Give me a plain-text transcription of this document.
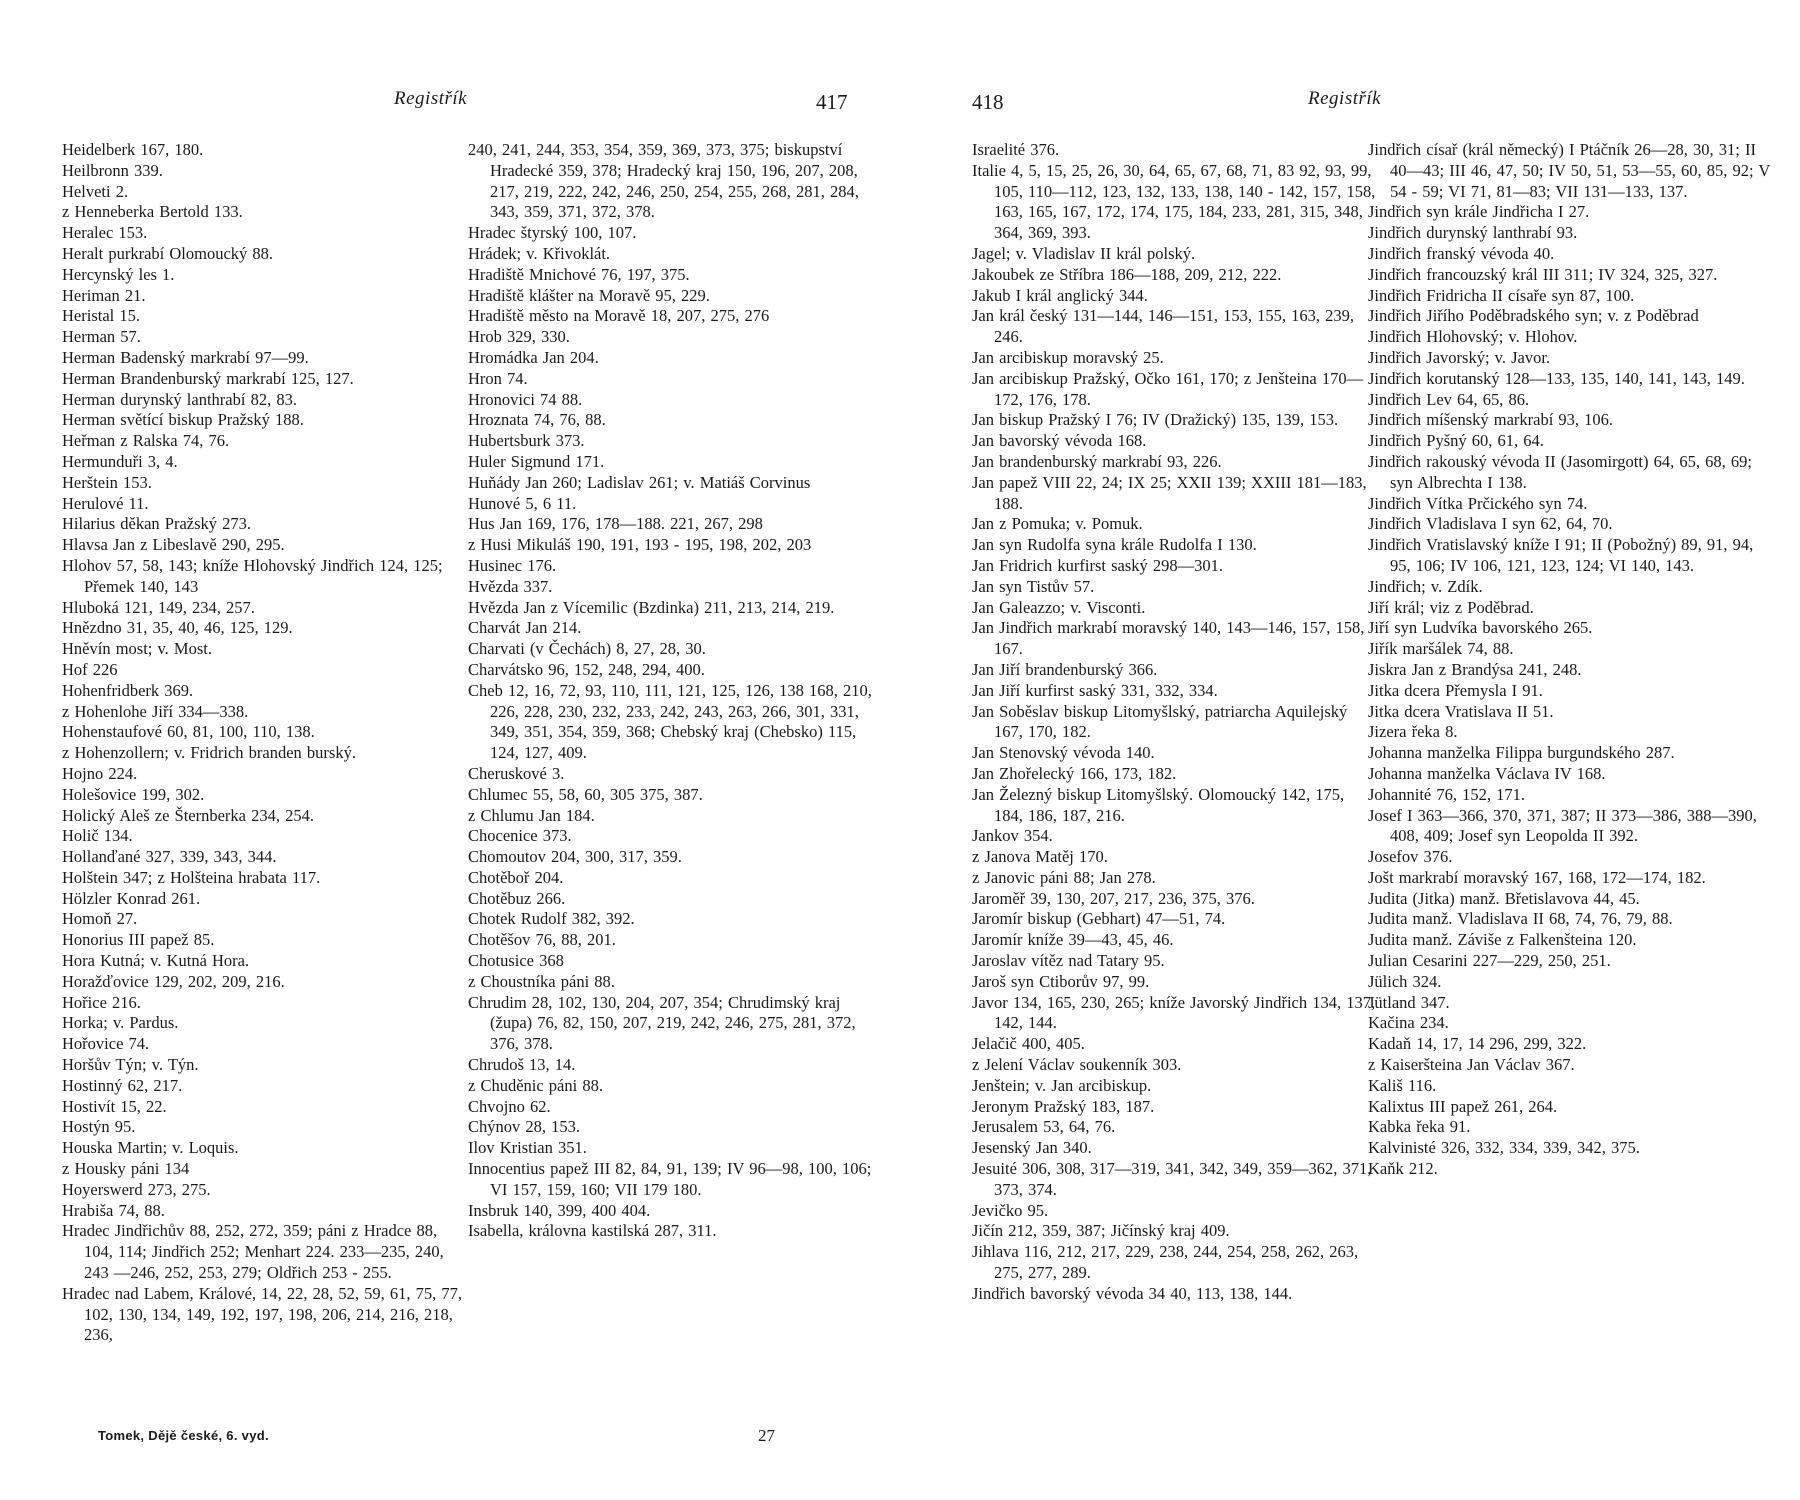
Registřík	417
Heidelberk 167, 180.
Heilbronn 339.
Helveti 2.
z Henneberka Bertold 133.
Heralec 153.
Heralt purkrabí Olomoucký 88.
Hercynský les 1.
Heriman 21.
Heristal 15.
Herman 57.
Herman Badenský markrabí 97—99.
Herman Brandenburský markrabí 125, 127.
Herman durynský lanthrabí 82, 83.
Herman světící biskup Pražský 188.
Heřman z Ralska 74, 76.
Hermunduři 3, 4.
Herštein 153.
Herulové 11.
Hilarius děkan Pražský 273.
Hlavsa Jan z Libeslavě 290, 295.
Hlohov 57, 58, 143; kníže Hlohovský Jindřich 124, 125; Přemek 140, 143
Hluboká 121, 149, 234, 257.
Hnězdno 31, 35, 40, 46, 125, 129.
Hněvín most; v. Most.
Hof 226
Hohenfridberk 369.
z Hohenlohe Jiří 334—338.
Hohenstaufové 60, 81, 100, 110, 138.
z Hohenzollern; v. Fridrich branden burský.
Hojno 224.
Holešovice 199, 302.
Holický Aleš ze Šternberka 234, 254.
Holič 134.
Hollanďané 327, 339, 343, 344.
Holštein 347; z Holšteina hrabata 117.
Hölzler Konrad 261.
Homoň 27.
Honorius III papež 85.
Hora Kutná; v. Kutná Hora.
Horažďovice 129, 202, 209, 216.
Hořice 216.
Horka; v. Pardus.
Hořovice 74.
Horšův Týn; v. Týn.
Hostinný 62, 217.
Hostivít 15, 22.
Hostýn 95.
Houska Martin; v. Loquis.
z Housky páni 134
Hoyerswerd 273, 275.
Hrabiša 74, 88.
Hradec Jindřichův 88, 252, 272, 359; páni z Hradce 88, 104, 114; Jindřich 252; Menhart 224. 233—235, 240, 243 —246, 252, 253, 279; Oldřich 253 - 255.
Hradec nad Labem, Králové, 14, 22, 28, 52, 59, 61, 75, 77, 102, 130, 134, 149, 192, 197, 198, 206, 214, 216, 218, 236,
240, 241, 244, 353, 354, 359, 369, 373, 375; biskupství Hradecké 359, 378; Hradecký kraj 150, 196, 207, 208, 217, 219, 222, 242, 246, 250, 254, 255, 268, 281, 284, 343, 359, 371, 372, 378.
Hradec štyrský 100, 107.
Hrádek; v. Křivoklát.
Hradiště Mnichové 76, 197, 375.
Hradiště klášter na Moravě 95, 229.
Hradiště město na Moravě 18, 207, 275, 276
Hrob 329, 330.
Hromádka Jan 204.
Hron 74.
Hronovici 74 88.
Hroznata 74, 76, 88.
Hubertsburk 373.
Huler Sigmund 171.
Huňády Jan 260; Ladislav 261; v. Matiáš Corvinus
Hunové 5, 6 11.
Hus Jan 169, 176, 178—188. 221, 267, 298
z Husi Mikuláš 190, 191, 193 - 195, 198, 202, 203
Husinec 176.
Hvězda 337.
Hvězda Jan z Vícemilic (Bzdinka) 211, 213, 214, 219.
Charvát Jan 214.
Charvati (v Čechách) 8, 27, 28, 30.
Charvátsko 96, 152, 248, 294, 400.
Cheb 12, 16, 72, 93, 110, 111, 121, 125, 126, 138 168, 210, 226, 228, 230, 232, 233, 242, 243, 263, 266, 301, 331, 349, 351, 354, 359, 368; Chebský kraj (Chebsko) 115, 124, 127, 409.
Cheruskové 3.
Chlumec 55, 58, 60, 305 375, 387.
z Chlumu Jan 184.
Chocenice 373.
Chomoutov 204, 300, 317, 359.
Chotěboř 204.
Chotěbuz 266.
Chotek Rudolf 382, 392.
Chotěšov 76, 88, 201.
Chotusice 368
z Choustníka páni 88.
Chrudim 28, 102, 130, 204, 207, 354; Chrudimský kraj (župa) 76, 82, 150, 207, 219, 242, 246, 275, 281, 372, 376, 378.
Chrudoš 13, 14.
z Chuděnic páni 88.
Chvojno 62.
Chýnov 28, 153.
Ilov Kristian 351.
Innocentius papež III 82, 84, 91, 139; IV 96—98, 100, 106; VI 157, 159, 160; VII 179 180.
Insbruk 140, 399, 400 404.
Isabella, královna kastilská 287, 311.
Tomek, Dějě české, 6. vyd.	27
418	Registřík
Israelité 376.
Italie 4, 5, 15, 25, 26, 30, 64, 65, 67, 68, 71, 83 92, 93, 99, 105, 110—112, 123, 132, 133, 138, 140 - 142, 157, 158, 163, 165, 167, 172, 174, 175, 184, 233, 281, 315, 348, 364, 369, 393.
Jagel; v. Vladislav II král polský.
Jakoubek ze Stříbra 186—188, 209, 212, 222.
Jakub I král anglický 344.
Jan král český 131—144, 146—151, 153, 155, 163, 239, 246.
Jan arcibiskup moravský 25.
Jan arcibiskup Pražský, Očko 161, 170; z Jenšteina 170—172, 176, 178.
Jan biskup Pražský I 76; IV (Dražický) 135, 139, 153.
Jan bavorský vévoda 168.
Jan brandenburský markrabí 93, 226.
Jan papež VIII 22, 24; IX 25; XXII 139; XXIII 181—183, 188.
Jan z Pomuka; v. Pomuk.
Jan syn Rudolfa syna krále Rudolfa I 130.
Jan Fridrich kurfirst saský 298—301.
Jan syn Tistův 57.
Jan Galeazzo; v. Visconti.
Jan Jindřich markrabí moravský 140, 143—146, 157, 158, 167.
Jan Jiří brandenburský 366.
Jan Jiří kurfirst saský 331, 332, 334.
Jan Soběslav biskup Litomyšlský, patriarcha Aquilejský 167, 170, 182.
Jan Stenovský vévoda 140.
Jan Zhořelecký 166, 173, 182.
Jan Železný biskup Litomyšlský. Olomoucký 142, 175, 184, 186, 187, 216.
Jankov 354.
z Janova Matěj 170.
z Janovic páni 88; Jan 278.
Jaroměř 39, 130, 207, 217, 236, 375, 376.
Jaromír biskup (Gebhart) 47—51, 74.
Jaromír kníže 39—43, 45, 46.
Jaroslav vítěz nad Tatary 95.
Jaroš syn Ctiborův 97, 99.
Javor 134, 165, 230, 265; kníže Javorský Jindřich 134, 137, 142, 144.
Jelačič 400, 405.
z Jelení Václav soukenník 303.
Jenštein; v. Jan arcibiskup.
Jeronym Pražský 183, 187.
Jerusalem 53, 64, 76.
Jesenský Jan 340.
Jesuité 306, 308, 317—319, 341, 342, 349, 359—362, 371, 373, 374.
Jevičko 95.
Jičín 212, 359, 387; Jičínský kraj 409.
Jihlava 116, 212, 217, 229, 238, 244, 254, 258, 262, 263, 275, 277, 289.
Jindřich bavorský vévoda 34 40, 113, 138, 144.
Jindřich císař (král německý) I Ptáčník 26—28, 30, 31; II 40—43; III 46, 47, 50; IV 50, 51, 53—55, 60, 85, 92; V 54 - 59; VI 71, 81—83; VII 131—133, 137.
Jindřich syn krále Jindřicha I 27.
Jindřich durynský lanthrabí 93.
Jindřich franský vévoda 40.
Jindřich francouzský král III 311; IV 324, 325, 327.
Jindřich Fridricha II císaře syn 87, 100.
Jindřich Jiřího Poděbradského syn; v. z Poděbrad
Jindřich Hlohovský; v. Hlohov.
Jindřich Javorský; v. Javor.
Jindřich korutanský 128—133, 135, 140, 141, 143, 149.
Jindřich Lev 64, 65, 86.
Jindřich míšenský markrabí 93, 106.
Jindřich Pyšný 60, 61, 64.
Jindřich rakouský vévoda II (Jasomirgott) 64, 65, 68, 69; syn Albrechta I 138.
Jindřich Vítka Prčického syn 74.
Jindřich Vladislava I syn 62, 64, 70.
Jindřich Vratislavský kníže I 91; II (Pobožný) 89, 91, 94, 95, 106; IV 106, 121, 123, 124; VI 140, 143.
Jindřich; v. Zdík.
Jiří král; viz z Poděbrad.
Jiří syn Ludvíka bavorského 265.
Jiřík maršálek 74, 88.
Jiskra Jan z Brandýsa 241, 248.
Jitka dcera Přemysla I 91.
Jitka dcera Vratislava II 51.
Jizera řeka 8.
Johanna manželka Filippa burgundského 287.
Johanna manželka Václava IV 168.
Johannité 76, 152, 171.
Josef I 363—366, 370, 371, 387; II 373—386, 388—390, 408, 409; Josef syn Leopolda II 392.
Josefov 376.
Jošt markrabí moravský 167, 168, 172—174, 182.
Judita (Jitka) manž. Břetislavova 44, 45.
Judita manž. Vladislava II 68, 74, 76, 79, 88.
Judita manž. Záviše z Falkenšteina 120.
Julian Cesarini 227—229, 250, 251.
Jülich 324.
Jütland 347.
Kačina 234.
Kadaň 14, 17, 14 296, 299, 322.
z Kaiseršteina Jan Václav 367.
Kališ 116.
Kalixtus III papež 261, 264.
Kabka řeka 91.
Kalvinisté 326, 332, 334, 339, 342, 375.
Kaňk 212.
